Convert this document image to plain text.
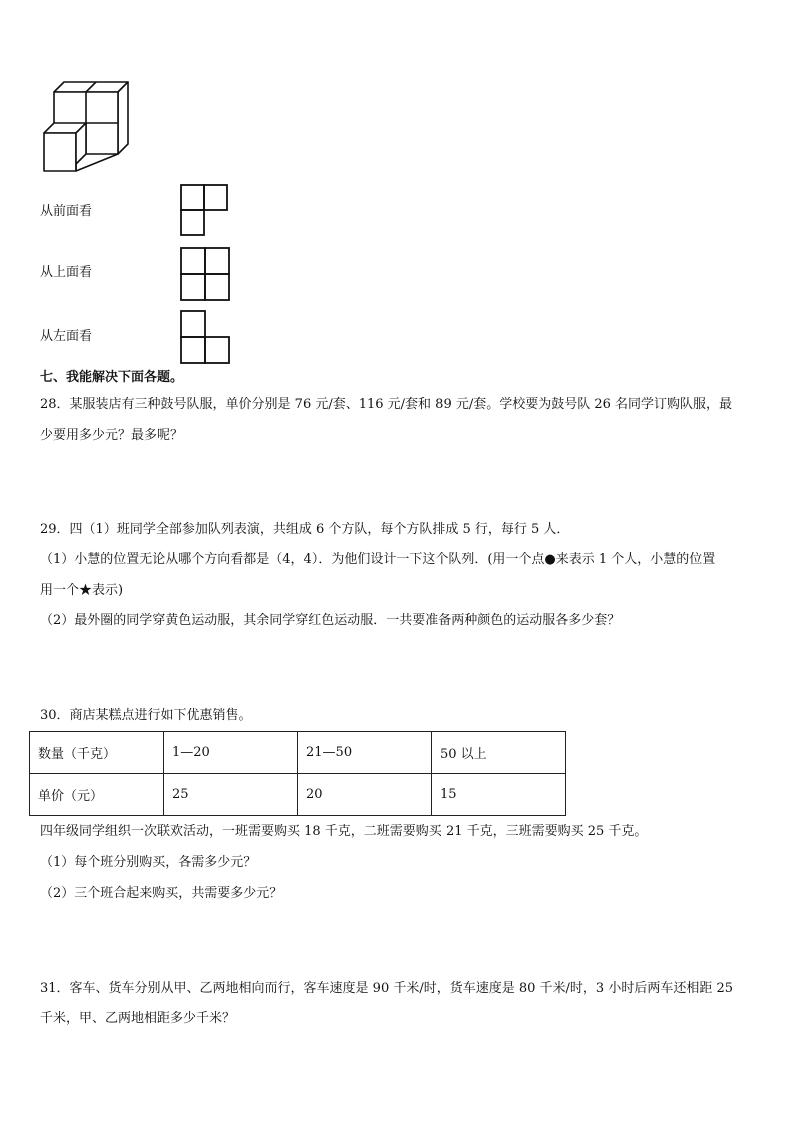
从前面看
从上面看
从左面看
七、我能解决下面各题。
28．某服装店有三种鼓号队服，单价分别是 76 元/套、116 元/套和 89 元/套。学校要为鼓号队 26 名同学订购队服，最
少要用多少元？最多呢？
29．四（1）班同学全部参加队列表演，共组成 6 个方队，每个方队排成 5 行，每行 5 人．
（1）小慧的位置无论从哪个方向看都是（4，4）．为他们设计一下这个队列．(用一个点●来表示 1 个人，小慧的位置
用一个★表示)
（2）最外圈的同学穿黄色运动服，其余同学穿红色运动服．一共要准备两种颜色的运动服各多少套？
30．商店某糕点进行如下优惠销售。
数量（千克）	1—20	21—50	50 以上
单价（元）	25	20	15
四年级同学组织一次联欢活动，一班需要购买 18 千克，二班需要购买 21 千克，三班需要购买 25 千克。
（1）每个班分别购买，各需多少元？
（2）三个班合起来购买，共需要多少元？
31．客车、货车分别从甲、乙两地相向而行，客车速度是 90 千米/时，货车速度是 80 千米/时，3 小时后两车还相距 25
千米，甲、乙两地相距多少千米？
